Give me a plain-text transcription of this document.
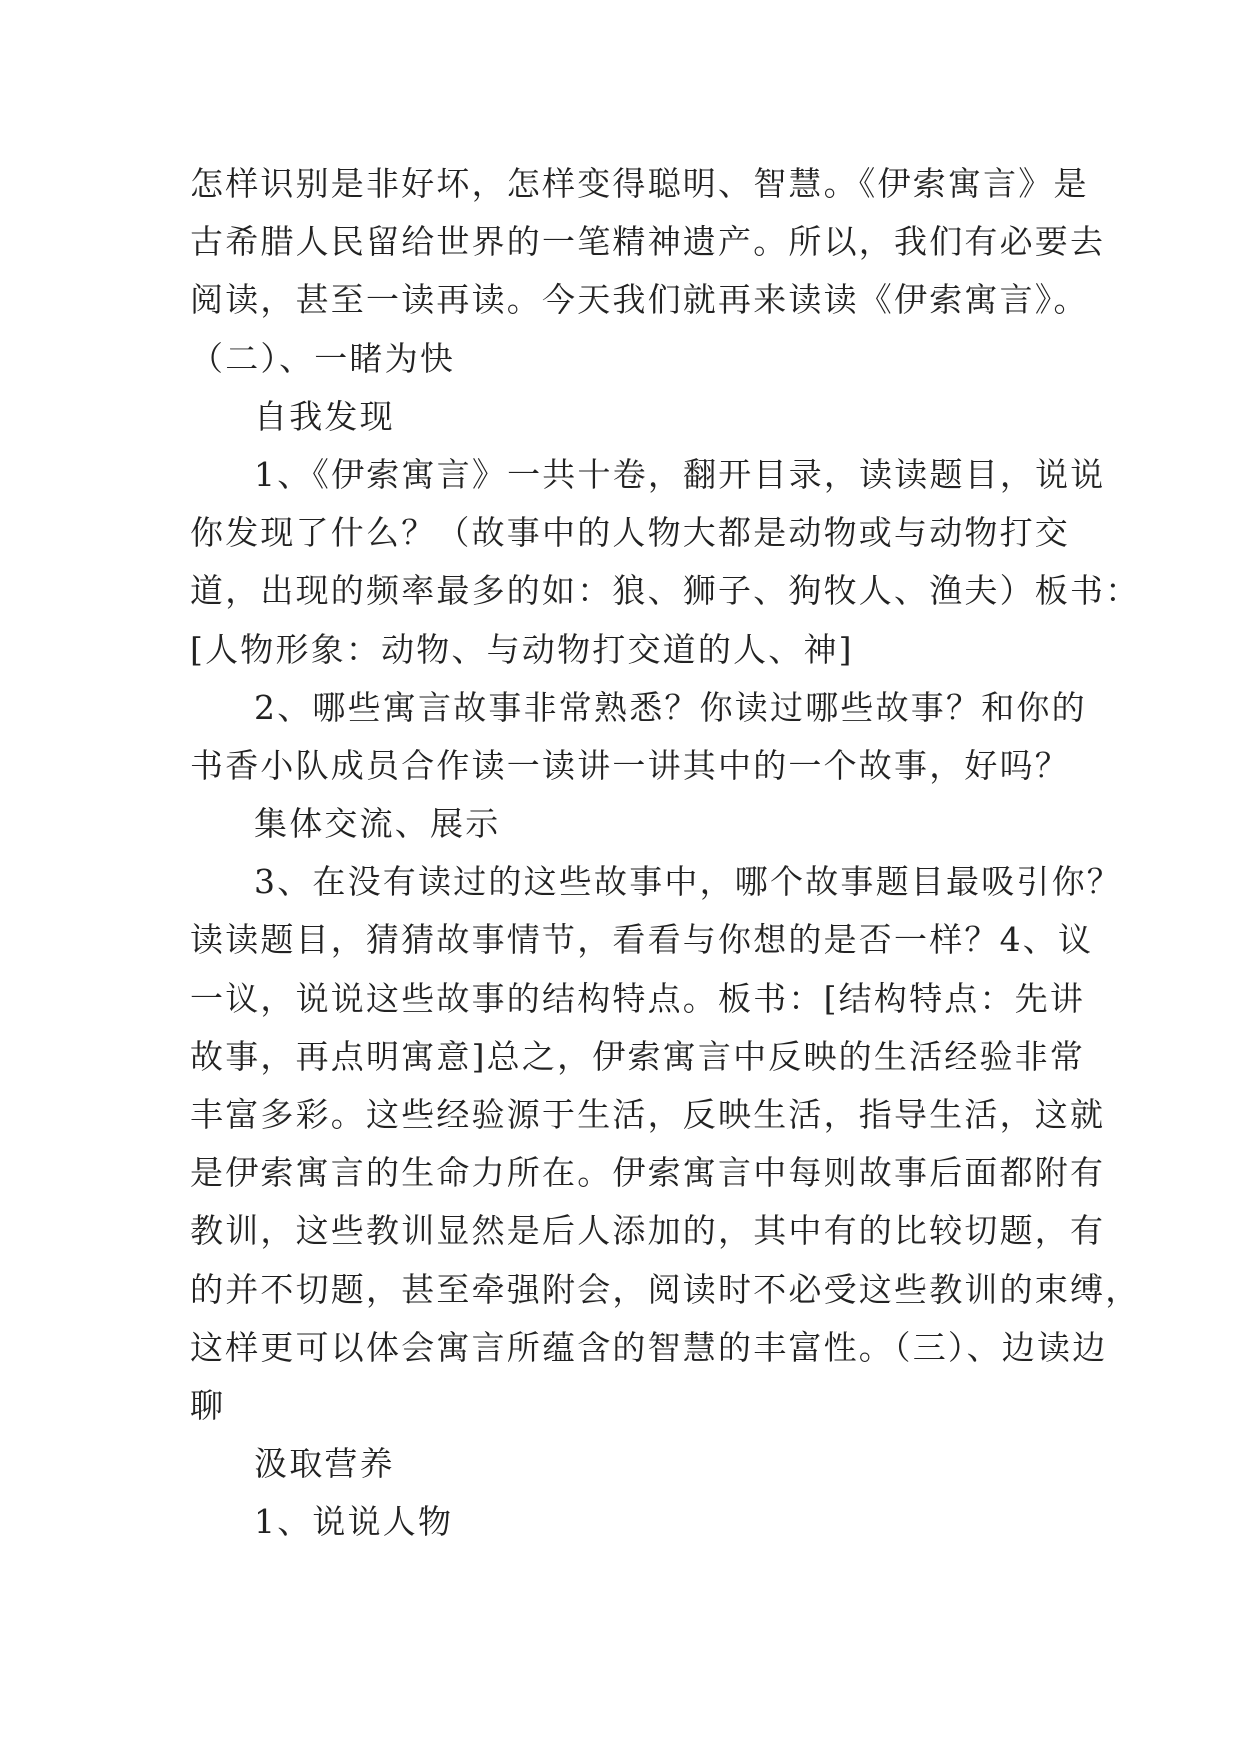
怎样识别是非好坏，怎样变得聪明、智慧。《伊索寓言》是
古希腊人民留给世界的一笔精神遗产。所以，我们有必要去
阅读，甚至一读再读。今天我们就再来读读《伊索寓言》。
（二）、一睹为快
自我发现
1、《伊索寓言》一共十卷，翻开目录，读读题目，说说
你发现了什么？（故事中的人物大都是动物或与动物打交
道，出现的频率最多的如：狼、狮子、狗牧人、渔夫）板书：
[人物形象：动物、与动物打交道的人、神]
2、哪些寓言故事非常熟悉？你读过哪些故事？和你的
书香小队成员合作读一读讲一讲其中的一个故事，好吗？
集体交流、展示
3、在没有读过的这些故事中，哪个故事题目最吸引你？
读读题目，猜猜故事情节，看看与你想的是否一样？4、议
一议，说说这些故事的结构特点。板书：[结构特点：先讲
故事，再点明寓意]总之，伊索寓言中反映的生活经验非常
丰富多彩。这些经验源于生活，反映生活，指导生活，这就
是伊索寓言的生命力所在。伊索寓言中每则故事后面都附有
教训，这些教训显然是后人添加的，其中有的比较切题，有
的并不切题，甚至牵强附会，阅读时不必受这些教训的束缚，
这样更可以体会寓言所蕴含的智慧的丰富性。（三）、边读边
聊
汲取营养
1、说说人物
